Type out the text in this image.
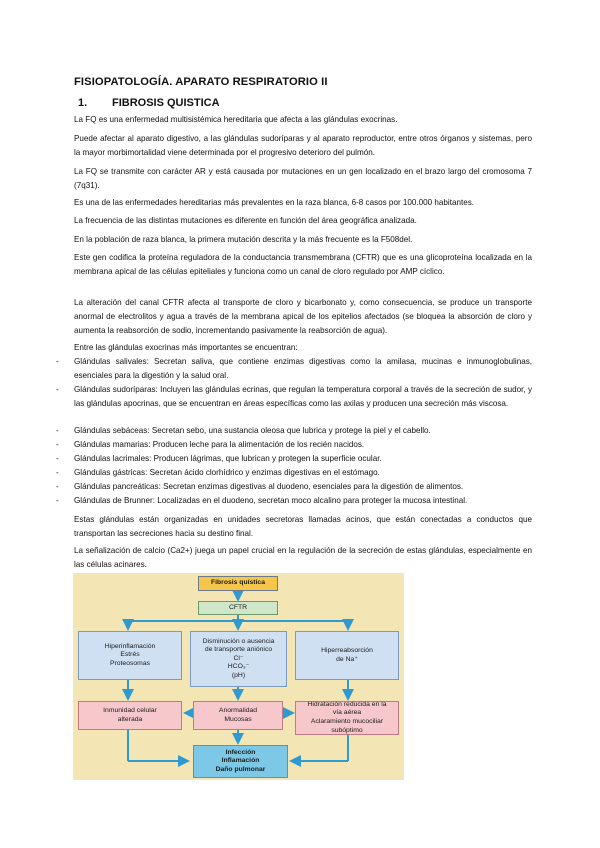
FISIOPATOLOGÍA. APARATO RESPIRATORIO II
1. FIBROSIS QUISTICA
La FQ es una enfermedad multisistémica hereditaria que afecta a las glándulas exocrinas.
Puede afectar al aparato digestivo, a las glándulas sudoríparas y al aparato reproductor, entre otros órganos y sistemas, pero la mayor morbimortalidad viene determinada por el progresivo deterioro del pulmón.
La FQ se transmite con carácter AR y está causada por mutaciones en un gen localizado en el brazo largo del cromosoma 7 (7q31).
Es una de las enfermedades hereditarias más prevalentes en la raza blanca, 6-8 casos por 100.000 habitantes.
La frecuencia de las distintas mutaciones es diferente en función del área geográfica analizada.
En la población de raza blanca, la primera mutación descrita y la más frecuente es la F508del.
Este gen codifica la proteína reguladora de la conductancia transmembrana (CFTR) que es una glicoproteína localizada en la membrana apical de las células epiteliales y funciona como un canal de cloro regulado por AMP cíclico.
La alteración del canal CFTR afecta al transporte de cloro y bicarbonato y, como consecuencia, se produce un transporte anormal de electrolitos y agua a través de la membrana apical de los epitelios afectados (se bloquea la absorción de cloro y aumenta la reabsorción de sodio, incrementando pasivamente la reabsorción de agua).
Entre las glándulas exocrinas más importantes se encuentran:
- Glándulas salivales: Secretan saliva, que contiene enzimas digestivas como la amilasa, mucinas e inmunoglobulinas, esenciales para la digestión y la salud oral.
- Glándulas sudoríparas: Incluyen las glándulas ecrinas, que regulan la temperatura corporal a través de la secreción de sudor, y las glándulas apocrinas, que se encuentran en áreas específicas como las axilas y producen una secreción más viscosa.
- Glándulas sebáceas: Secretan sebo, una sustancia oleosa que lubrica y protege la piel y el cabello.
- Glándulas mamarias: Producen leche para la alimentación de los recién nacidos.
- Glándulas lacrimales: Producen lágrimas, que lubrican y protegen la superficie ocular.
- Glándulas gástricas: Secretan ácido clorhídrico y enzimas digestivas en el estómago.
- Glándulas pancreáticas: Secretan enzimas digestivas al duodeno, esenciales para la digestión de alimentos.
- Glándulas de Brunner: Localizadas en el duodeno, secretan moco alcalino para proteger la mucosa intestinal.
Estas glándulas están organizadas en unidades secretoras llamadas acinos, que están conectadas a conductos que transportan las secreciones hacia su destino final.
La señalización de calcio (Ca2+) juega un papel crucial en la regulación de la secreción de estas glándulas, especialmente en las células acinares.
Fibrosis quística
CFTR
Hiperinflamación
Estrés
Proteosomas
Disminución o ausencia
de transporte aniónico
Cl⁻
HCO₃⁻
(pH)
Hiperreabsorción
de Na⁺
Inmunidad celular
alterada
Anormalidad
Mucosas
Hidratación reducida en la
vía aérea
Aclaramiento mucociliar
subóptimo
Infección
Inflamación
Daño pulmonar
